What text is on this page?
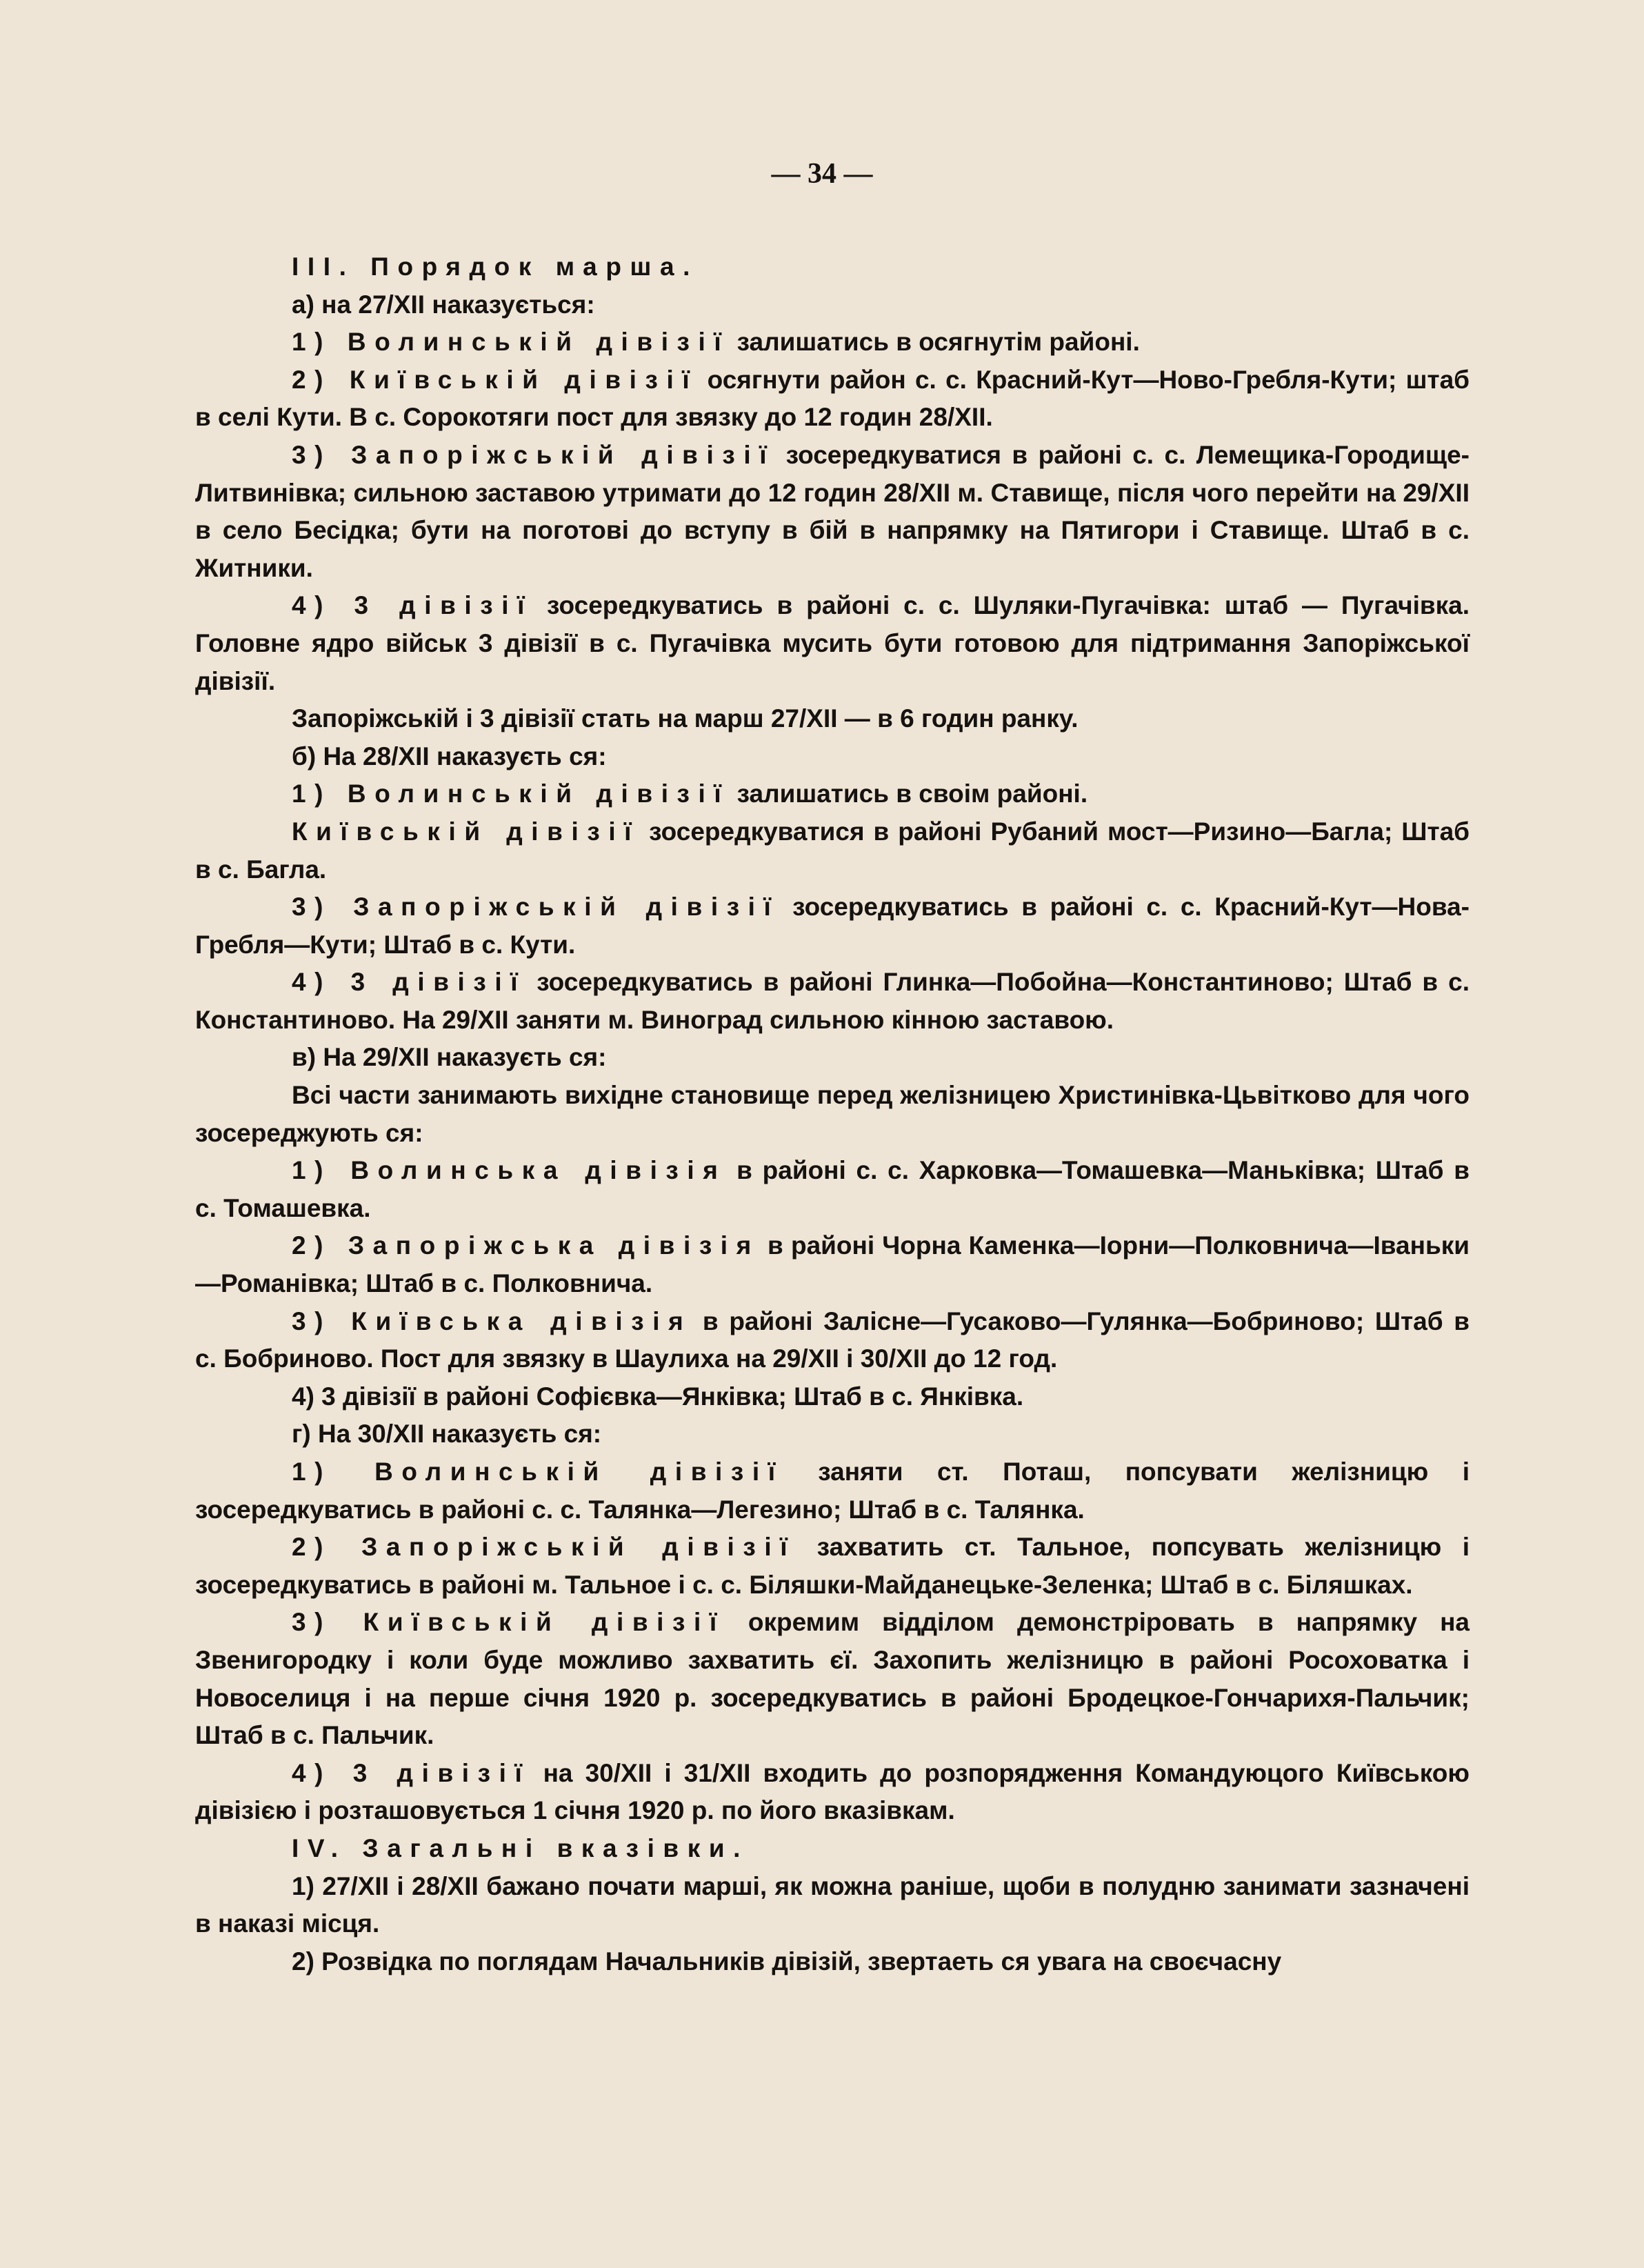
— 34 —

III. Порядок марша.

а) на 27/ХІІ наказується:

1) Волинській дівізії залишатись в осягнутім районі.

2) Київській дівізії осягнути район с. с. Красний-Кут—Ново-Гребля-Кути; штаб в селі Кути. В с. Сорокотяги пост для звязку до 12 годин 28/ХІІ.

3) Запоріжській дівізії зосередкуватися в районі с. с. Лемещика-Городище-Литвинівка; сильною заставою утримати до 12 годин 28/ХІІ м. Ставище, після чого перейти на 29/ХІІ в село Бесідка; бути на поготові до вступу в бій в напрямку на Пятигори і Ставище. Штаб в с. Житники.

4) 3 дівізії зосередкуватись в районі с. с. Шуляки-Пугачівка: штаб — Пугачівка. Головне ядро військ 3 дівізії в с. Пугачівка мусить бути готовою для підтримання Запоріжської дівізії.

Запоріжській і 3 дівізії стать на марш 27/ХІІ — в 6 годин ранку.

б) На 28/ХІІ наказуєть ся:

1) Волинській дівізії залишатись в своім районі.

Київській дівізії зосередкуватися в районі Рубаний мост—Ризино—Багла; Штаб в с. Багла.

3) Запоріжській дівізії зосередкуватись в районі с. с. Красний-Кут—Нова-Гребля—Кути; Штаб в с. Кути.

4) 3 дівізії зосередкуватись в районі Глинка—Побойна—Константиново; Штаб в с. Константиново. На 29/ХІІ заняти м. Виноград сильною кінною заставою.

в) На 29/ХІІ наказуєть ся:

Всі части занимають вихідне становище перед желізницею Христинівка-Цьвітково для чого зосереджують ся:

1) Волинська дівізія в районі с. с. Харковка—Томашевка—Маньківка; Штаб в с. Томашевка.

2) Запоріжська дівізія в районі Чорна Каменка—Іорни—Полковнича—Іваньки—Романівка; Штаб в с. Полковнича.

3) Київська дівізія в районі Залісне—Гусаково—Гулянка—Бобриново; Штаб в с. Бобриново. Пост для звязку в Шаулиха на 29/ХІІ і 30/ХІІ до 12 год.

4) 3 дівізії в районі Софієвка—Янківка; Штаб в с. Янківка.

г) На 30/ХІІ наказуєть ся:

1) Волинській дівізії заняти ст. Поташ, попсувати желізницю і зосередкуватись в районі с. с. Талянка—Легезино; Штаб в с. Талянка.

2) Запоріжській дівізії захватить ст. Тальное, попсувать желізницю і зосередкуватись в районі м. Тальное і с. с. Біляшки-Майданецьке-Зеленка; Штаб в с. Біляшках.

3) Київській дівізії окремим відділом демонстріровать в напрямку на Звенигородку і коли буде можливо захватить єї. Захопить желізницю в районі Росоховатка і Новоселиця і на перше січня 1920 р. зосередкуватись в районі Бродецкое-Гончарихя-Пальчик; Штаб в с. Пальчик.

4) 3 дівізії на 30/ХІІ і 31/ХІІ входить до розпорядження Командуюцого Київською дівізією і розташовується 1 січня 1920 р. по його вказівкам.

IV. Загальні вказівки.

1) 27/ХІІ і 28/ХІІ бажано почати марші, як можна раніше, щоби в полудню занимати зазначені в наказі місця.

2) Розвідка по поглядам Начальників дівізій, звертаеть ся увага на своєчасну
